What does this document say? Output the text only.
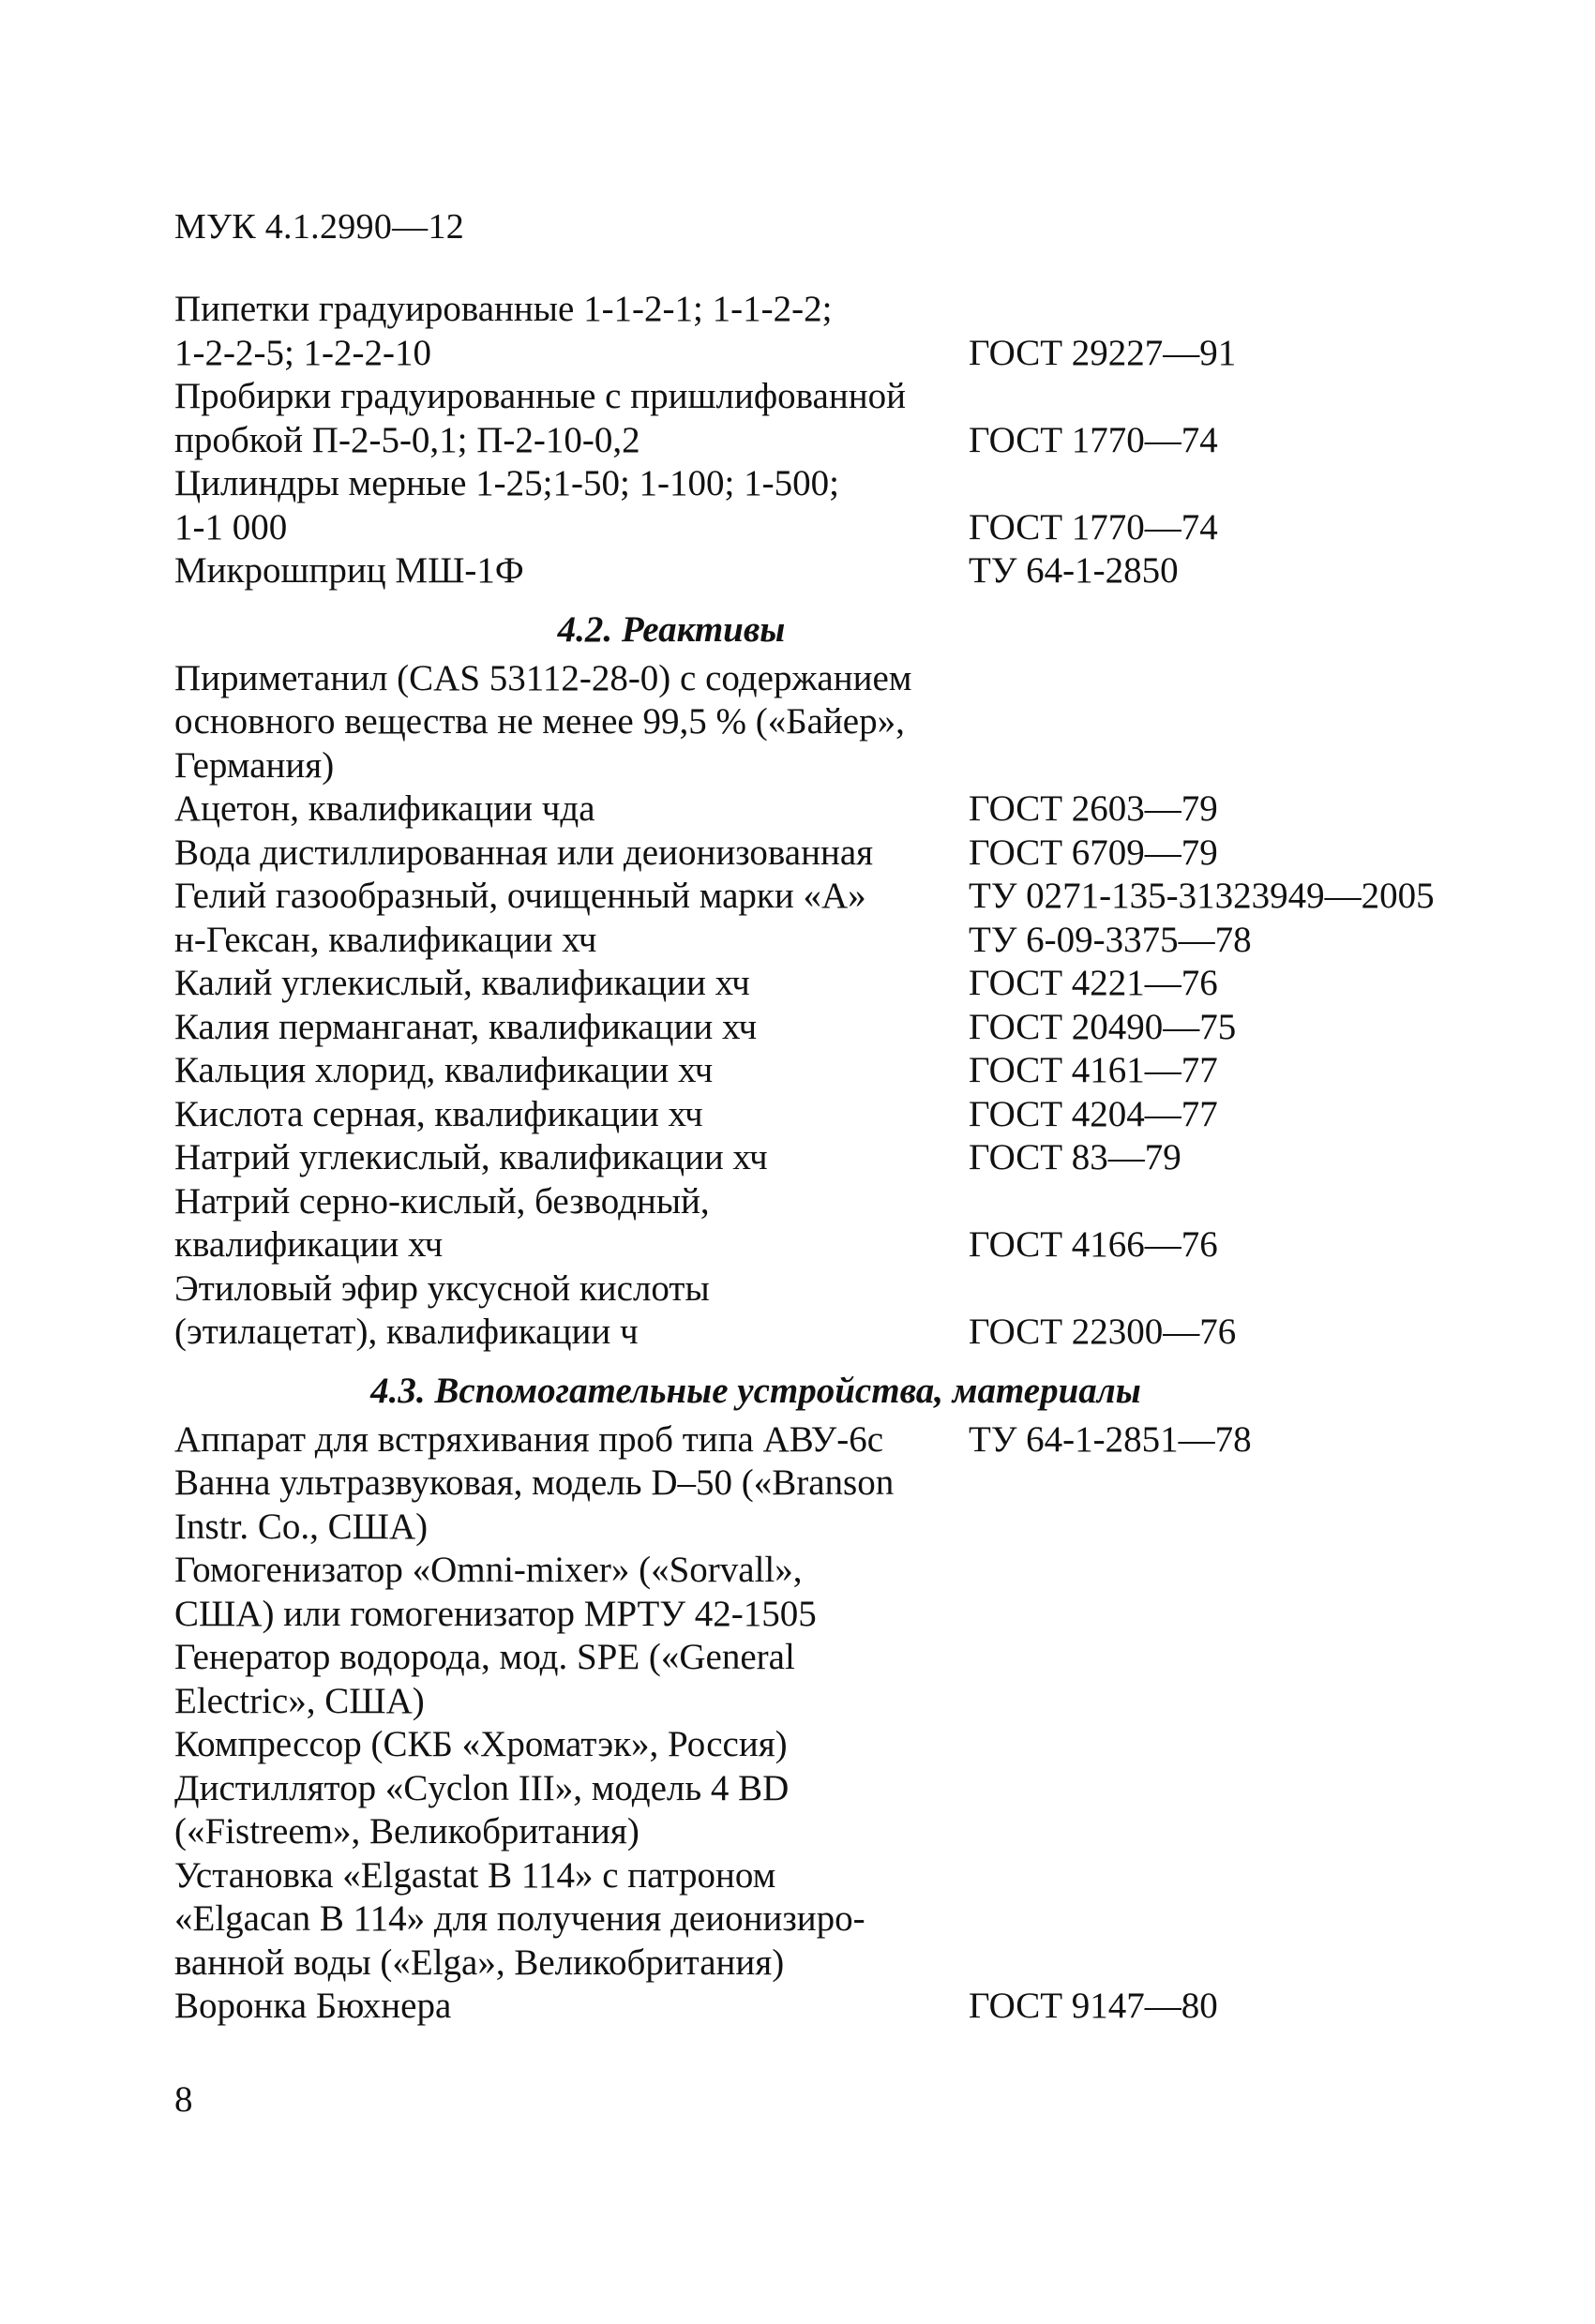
МУК 4.1.2990—12
Пипетки градуированные 1-1-2-1; 1-1-2-2;
1-2-2-5; 1-2-2-10	ГОСТ 29227—91
Пробирки градуированные с пришлифованной
пробкой П-2-5-0,1; П-2-10-0,2	ГОСТ 1770—74
Цилиндры мерные 1-25;1-50; 1-100; 1-500;
1-1 000	ГОСТ 1770—74
Микрошприц МШ-1Ф	ТУ 64-1-2850
4.2. Реактивы
Пириметанил (CAS 53112-28-0) с содержанием
основного вещества не менее 99,5 % («Байер»,
Германия)
Ацетон, квалификации чда	ГОСТ 2603—79
Вода дистиллированная или деионизованная	ГОСТ 6709—79
Гелий газообразный, очищенный марки «А»	ТУ 0271-135-31323949—2005
н-Гексан, квалификации хч	ТУ 6-09-3375—78
Калий углекислый, квалификации хч	ГОСТ 4221—76
Калия перманганат, квалификации хч	ГОСТ 20490—75
Кальция хлорид, квалификации хч	ГОСТ 4161—77
Кислота серная, квалификации хч	ГОСТ 4204—77
Натрий углекислый, квалификации хч	ГОСТ 83—79
Натрий серно-кислый, безводный,
квалификации хч	ГОСТ 4166—76
Этиловый эфир уксусной кислоты
(этилацетат), квалификации ч	ГОСТ 22300—76
4.3. Вспомогательные устройства, материалы
Аппарат для встряхивания проб типа АВУ-6с	ТУ 64-1-2851—78
Ванна ультразвуковая, модель D–50 («Branson
Instr. Co., США)
Гомогенизатор «Omni-mixer» («Sorvall»,
США) или гомогенизатор МРТУ 42-1505
Генератор водорода, мод. SPE («General
Electric», США)
Компрессор (СКБ «Хроматэк», Россия)
Дистиллятор «Cyclon III», модель 4 BD
(«Fistreem», Великобритания)
Установка «Elgastat В 114» с патроном
«Elgacan В 114» для получения деионизиро-
ванной воды («Elga», Великобритания)
Воронка Бюхнера	ГОСТ 9147—80
8
